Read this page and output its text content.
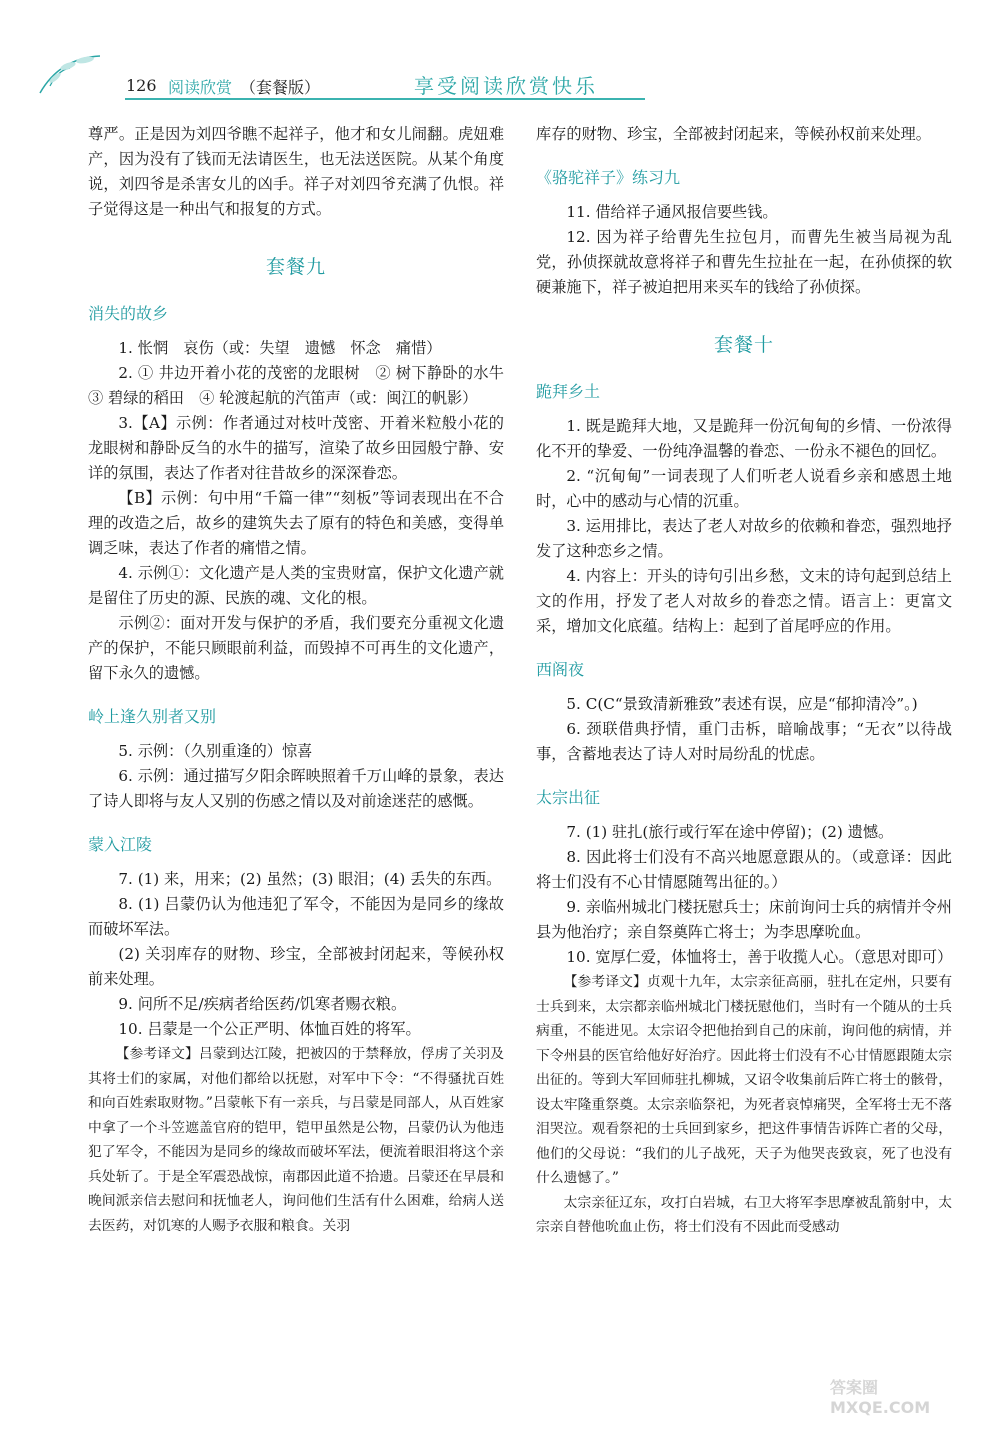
126 阅读欣赏 （套餐版）	享受阅读欣赏快乐

尊严。正是因为刘四爷瞧不起祥子，他才和女儿闹翻。虎妞难产，因为没有了钱而无法请医生，也无法送医院。从某个角度说，刘四爷是杀害女儿的凶手。祥子对刘四爷充满了仇恨。祥子觉得这是一种出气和报复的方式。

套餐九
消失的故乡

1. 怅惘　哀伤（或：失望　遗憾　怀念　痛惜）

2. ① 井边开着小花的茂密的龙眼树　② 树下静卧的水牛　③ 碧绿的稻田　④ 轮渡起航的汽笛声（或：闽江的帆影）

3.【A】示例：作者通过对枝叶茂密、开着米粒般小花的龙眼树和静卧反刍的水牛的描写，渲染了故乡田园般宁静、安详的氛围，表达了作者对往昔故乡的深深眷恋。

【B】示例：句中用“千篇一律”“刻板”等词表现出在不合理的改造之后，故乡的建筑失去了原有的特色和美感，变得单调乏味，表达了作者的痛惜之情。

4. 示例①：文化遗产是人类的宝贵财富，保护文化遗产就是留住了历史的源、民族的魂、文化的根。

示例②：面对开发与保护的矛盾，我们要充分重视文化遗产的保护，不能只顾眼前利益，而毁掉不可再生的文化遗产，留下永久的遗憾。

岭上逢久别者又别

5. 示例：（久别重逢的）惊喜

6. 示例：通过描写夕阳余晖映照着千万山峰的景象，表达了诗人即将与友人又别的伤感之情以及对前途迷茫的感慨。

蒙入江陵

7. (1) 来，用来；(2) 虽然；(3) 眼泪；(4) 丢失的东西。

8. (1) 吕蒙仍认为他违犯了军令，不能因为是同乡的缘故而破坏军法。

(2) 关羽库存的财物、珍宝，全部被封闭起来，等候孙权前来处理。

9. 问所不足/疾病者给医药/饥寒者赐衣粮。

10. 吕蒙是一个公正严明、体恤百姓的将军。

【参考译文】吕蒙到达江陵，把被囚的于禁释放，俘虏了关羽及其将士们的家属，对他们都给以抚慰，对军中下令：“不得骚扰百姓和向百姓索取财物。”吕蒙帐下有一亲兵，与吕蒙是同部人，从百姓家中拿了一个斗笠遮盖官府的铠甲，铠甲虽然是公物，吕蒙仍认为他违犯了军令，不能因为是同乡的缘故而破坏军法，便流着眼泪将这个亲兵处斩了。于是全军震恐战惊，南郡因此道不拾遗。吕蒙还在早晨和晚间派亲信去慰问和抚恤老人，询问他们生活有什么困难，给病人送去医药，对饥寒的人赐予衣服和粮食。关羽

库存的财物、珍宝，全部被封闭起来，等候孙权前来处理。

《骆驼祥子》练习九

11. 借给祥子通风报信要些钱。

12. 因为祥子给曹先生拉包月，而曹先生被当局视为乱党，孙侦探就故意将祥子和曹先生拉扯在一起，在孙侦探的软硬兼施下，祥子被迫把用来买车的钱给了孙侦探。

套餐十
跪拜乡土

1. 既是跪拜大地，又是跪拜一份沉甸甸的乡情、一份浓得化不开的挚爱、一份纯净温馨的眷恋、一份永不褪色的回忆。

2. “沉甸甸”一词表现了人们听老人说看乡亲和感恩土地时，心中的感动与心情的沉重。

3. 运用排比，表达了老人对故乡的依赖和眷恋，强烈地抒发了这种恋乡之情。

4. 内容上：开头的诗句引出乡愁，文末的诗句起到总结上文的作用，抒发了老人对故乡的眷恋之情。语言上：更富文采，增加文化底蕴。结构上：起到了首尾呼应的作用。

西阁夜

5. C(C“景致清新雅致”表述有误，应是“郁抑清冷”。)

6. 颈联借典抒情，重门击柝，暗喻战事；“无衣”以待战事，含蓄地表达了诗人对时局纷乱的忧虑。

太宗出征

7. (1) 驻扎(旅行或行军在途中停留)；(2) 遗憾。

8. 因此将士们没有不高兴地愿意跟从的。（或意译：因此将士们没有不心甘情愿随驾出征的。）

9. 亲临州城北门楼抚慰兵士；床前询问士兵的病情并令州县为他治疗；亲自祭奠阵亡将士；为李思摩吮血。

10. 宽厚仁爱，体恤将士，善于收揽人心。（意思对即可）

【参考译文】贞观十九年，太宗亲征高丽，驻扎在定州，只要有士兵到来，太宗都亲临州城北门楼抚慰他们，当时有一个随从的士兵病重，不能进见。太宗诏令把他抬到自己的床前，询问他的病情，并下令州县的医官给他好好治疗。因此将士们没有不心甘情愿跟随太宗出征的。等到大军回师驻扎柳城，又诏令收集前后阵亡将士的骸骨，设太牢隆重祭奠。太宗亲临祭祀，为死者哀悼痛哭，全军将士无不落泪哭泣。观看祭祀的士兵回到家乡，把这件事情告诉阵亡者的父母，他们的父母说：“我们的儿子战死，天子为他哭丧致哀，死了也没有什么遗憾了。”

太宗亲征辽东，攻打白岩城，右卫大将军李思摩被乱箭射中，太宗亲自替他吮血止伤，将士们没有不因此而受感动

答案圈 MXQE.COM
